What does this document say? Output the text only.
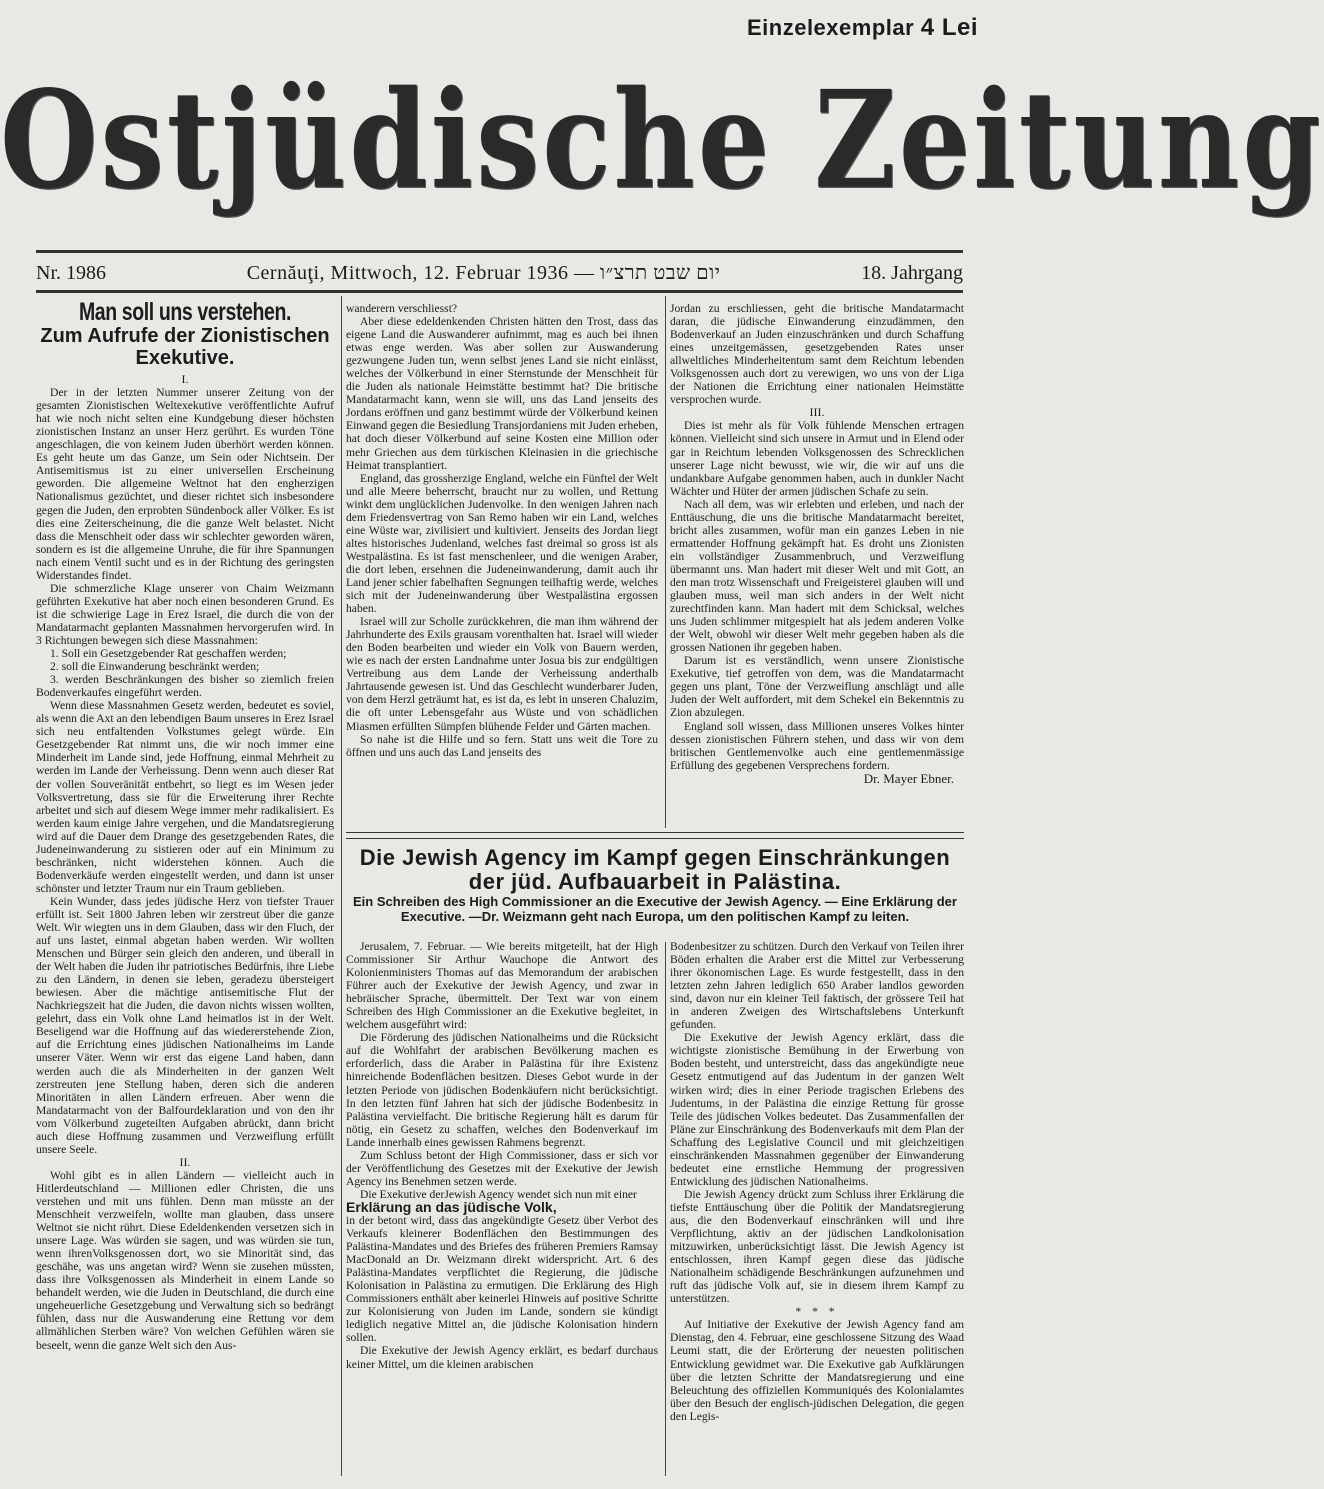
Einzelexemplar 4 Lei
Ostjüdische Zeitung
Nr. 1986	Cernăuţi, Mittwoch, 12. Februar 1936 — יום שבט תרצ״ו	18. Jahrgang
Man soll uns verstehen.
Zum Aufrufe der Zionistischen Exekutive.

I.

Der in der letzten Nummer unserer Zeitung von der gesamten Zionistischen Weltexekutive veröffentlichte Aufruf hat wie noch nicht selten eine Kundgebung dieser höchsten zionistischen Instanz an unser Herz gerührt. Es wurden Töne angeschlagen, die von keinem Juden überhört werden können. Es geht heute um das Ganze, um Sein oder Nichtsein. Der Antisemitismus ist zu einer universellen Erscheinung geworden. Die allgemeine Weltnot hat den engherzigen Nationalismus gezüchtet, und dieser richtet sich insbesondere gegen die Juden, den erprobten Sündenbock aller Völker. Es ist dies eine Zeiterscheinung, die die ganze Welt belastet. Nicht dass die Menschheit oder dass wir schlechter geworden wären, sondern es ist die allgemeine Unruhe, die für ihre Spannungen nach einem Ventil sucht und es in der Richtung des geringsten Widerstandes findet.

Die schmerzliche Klage unserer von Chaim Weizmann geführten Exekutive hat aber noch einen besonderen Grund. Es ist die schwierige Lage in Erez Israel, die durch die von der Mandatarmacht geplanten Massnahmen hervorgerufen wird. In 3 Richtungen bewegen sich diese Massnahmen:

1. Soll ein Gesetzgebender Rat geschaffen werden;

2. soll die Einwanderung beschränkt werden;

3. werden Beschränkungen des bisher so ziemlich freien Bodenverkaufes eingeführt werden.

Wenn diese Massnahmen Gesetz werden, bedeutet es soviel, als wenn die Axt an den lebendigen Baum unseres in Erez Israel sich neu entfaltenden Volkstumes gelegt würde. Ein Gesetzgebender Rat nimmt uns, die wir noch immer eine Minderheit im Lande sind, jede Hoffnung, einmal Mehrheit zu werden im Lande der Verheissung. Denn wenn auch dieser Rat der vollen Souveränität entbehrt, so liegt es im Wesen jeder Volksvertretung, dass sie für die Erweiterung ihrer Rechte arbeitet und sich auf diesem Wege immer mehr radikalisiert. Es werden kaum einige Jahre vergehen, und die Mandatsregierung wird auf die Dauer dem Drange des gesetzgebenden Rates, die Judeneinwanderung zu sistieren oder auf ein Minimum zu beschränken, nicht widerstehen können. Auch die Bodenverkäufe werden eingestellt werden, und dann ist unser schönster und letzter Traum nur ein Traum geblieben.

Kein Wunder, dass jedes jüdische Herz von tiefster Trauer erfüllt ist. Seit 1800 Jahren leben wir zerstreut über die ganze Welt. Wir wiegten uns in dem Glauben, dass wir den Fluch, der auf uns lastet, einmal abgetan haben werden. Wir wollten Menschen und Bürger sein gleich den anderen, und überall in der Welt haben die Juden ihr patriotisches Bedürfnis, ihre Liebe zu den Ländern, in denen sie leben, geradezu übersteigert bewiesen. Aber die mächtige antisemitische Flut der Nachkriegszeit hat die Juden, die davon nichts wissen wollten, gelehrt, dass ein Volk ohne Land heimatlos ist in der Welt. Beseligend war die Hoffnung auf das wiedererstehende Zion, auf die Errichtung eines jüdischen Nationalheims im Lande unserer Väter. Wenn wir erst das eigene Land haben, dann werden auch die als Minderheiten in der ganzen Welt zerstreuten jene Stellung haben, deren sich die anderen Minoritäten in allen Ländern erfreuen. Aber wenn die Mandatarmacht von der Balfourdeklaration und von den ihr vom Völkerbund zugeteilten Aufgaben abrückt, dann bricht auch diese Hoffnung zusammen und Verzweiflung erfüllt unsere Seele.

II.

Wohl gibt es in allen Ländern — vielleicht auch in Hitlerdeutschland — Millionen edler Christen, die uns verstehen und mit uns fühlen. Denn man müsste an der Menschheit verzweifeln, wollte man glauben, dass unsere Weltnot sie nicht rührt. Diese Edeldenkenden versetzen sich in unsere Lage. Was würden sie sagen, und was würden sie tun, wenn ihrenVolksgenossen dort, wo sie Minorität sind, das geschähe, was uns angetan wird? Wenn sie zusehen müssten, dass ihre Volksgenossen als Minderheit in einem Lande so behandelt werden, wie die Juden in Deutschland, die durch eine ungeheuerliche Gesetzgebung und Verwaltung sich so bedrängt fühlen, dass nur die Auswanderung eine Rettung vor dem allmählichen Sterben wäre? Von welchen Gefühlen wären sie beseelt, wenn die ganze Welt sich den Aus-

wanderern verschliesst?

Aber diese edeldenkenden Christen hätten den Trost, dass das eigene Land die Auswanderer aufnimmt, mag es auch bei ihnen etwas enge werden. Was aber sollen zur Auswanderung gezwungene Juden tun, wenn selbst jenes Land sie nicht einlässt, welches der Völkerbund in einer Sternstunde der Menschheit für die Juden als nationale Heimstätte bestimmt hat? Die britische Mandatarmacht kann, wenn sie will, uns das Land jenseits des Jordans eröffnen und ganz bestimmt würde der Völkerbund keinen Einwand gegen die Besiedlung Transjordaniens mit Juden erheben, hat doch dieser Völkerbund auf seine Kosten eine Million oder mehr Griechen aus dem türkischen Kleinasien in die griechische Heimat transplantiert.

England, das grossherzige England, welche ein Fünftel der Welt und alle Meere beherrscht, braucht nur zu wollen, und Rettung winkt dem unglücklichen Judenvolke. In den wenigen Jahren nach dem Friedensvertrag von San Remo haben wir ein Land, welches eine Wüste war, zivilisiert und kultiviert. Jenseits des Jordan liegt altes historisches Judenland, welches fast dreimal so gross ist als Westpalästina. Es ist fast menschenleer, und die wenigen Araber, die dort leben, ersehnen die Judeneinwanderung, damit auch ihr Land jener schier fabelhaften Segnungen teilhaftig werde, welches sich mit der Judeneinwanderung über Westpalästina ergossen haben.

Israel will zur Scholle zurückkehren, die man ihm während der Jahrhunderte des Exils grausam vorenthalten hat. Israel will wieder den Boden bearbeiten und wieder ein Volk von Bauern werden, wie es nach der ersten Landnahme unter Josua bis zur endgültigen Vertreibung aus dem Lande der Verheissung anderthalb Jahrtausende gewesen ist. Und das Geschlecht wunderbarer Juden, von dem Herzl geträumt hat, es ist da, es lebt in unseren Chaluzim, die oft unter Lebensgefahr aus Wüste und von schädlichen Miasmen erfüllten Sümpfen blühende Felder und Gärten machen.

So nahe ist die Hilfe und so fern. Statt uns weit die Tore zu öffnen und uns auch das Land jenseits des

Jordan zu erschliessen, geht die britische Mandatarmacht daran, die jüdische Einwanderung einzudämmen, den Bodenverkauf an Juden einzuschränken und durch Schaffung eines unzeitgemässen, gesetzgebenden Rates unser allweltliches Minderheitentum samt dem Reichtum lebenden Volksgenossen auch dort zu verewigen, wo uns von der Liga der Nationen die Errichtung einer nationalen Heimstätte versprochen wurde.

III.

Dies ist mehr als für Volk fühlende Menschen ertragen können. Vielleicht sind sich unsere in Armut und in Elend oder gar in Reichtum lebenden Volksgenossen des Schrecklichen unserer Lage nicht bewusst, wie wir, die wir auf uns die undankbare Aufgabe genommen haben, auch in dunkler Nacht Wächter und Hüter der armen jüdischen Schafe zu sein.

Nach all dem, was wir erlebten und erleben, und nach der Enttäuschung, die uns die britische Mandatarmacht bereitet, bricht alles zusammen, wofür man ein ganzes Leben in nie ermattender Hoffnung gekämpft hat. Es droht uns Zionisten ein vollständiger Zusammenbruch, und Verzweiflung übermannt uns. Man hadert mit dieser Welt und mit Gott, an den man trotz Wissenschaft und Freigeisterei glauben will und glauben muss, weil man sich anders in der Welt nicht zurechtfinden kann. Man hadert mit dem Schicksal, welches uns Juden schlimmer mitgespielt hat als jedem anderen Volke der Welt, obwohl wir dieser Welt mehr gegeben haben als die grossen Nationen ihr gegeben haben.

Darum ist es verständlich, wenn unsere Zionistische Exekutive, tief getroffen von dem, was die Mandatarmacht gegen uns plant, Töne der Verzweiflung anschlägt und alle Juden der Welt auffordert, mit dem Schekel ein Bekenntnis zu Zion abzulegen.

England soll wissen, dass Millionen unseres Volkes hinter dessen zionistischen Führern stehen, und dass wir von dem britischen Gentlemenvolke auch eine gentlemenmässige Erfüllung des gegebenen Versprechens fordern.

Dr. Mayer Ebner.

Die Jewish Agency im Kampf gegen Einschränkungen der jüd. Aufbauarbeit in Palästina.
Ein Schreiben des High Commissioner an die Executive der Jewish Agency. — Eine Erklärung der Executive. —Dr. Weizmann geht nach Europa, um den politischen Kampf zu leiten.

Jerusalem, 7. Februar. — Wie bereits mitgeteilt, hat der High Commissioner Sir Arthur Wauchope die Antwort des Kolonienministers Thomas auf das Memorandum der arabischen Führer auch der Exekutive der Jewish Agency, und zwar in hebräischer Sprache, übermittelt. Der Text war von einem Schreiben des High Commissioner an die Exekutive begleitet, in welchem ausgeführt wird:

Die Förderung des jüdischen Nationalheims und die Rücksicht auf die Wohlfahrt der arabischen Bevölkerung machen es erforderlich, dass die Araber in Palästina für ihre Existenz hinreichende Bodenflächen besitzen. Dieses Gebot wurde in der letzten Periode von jüdischen Bodenkäufern nicht berücksichtigt. In den letzten fünf Jahren hat sich der jüdische Bodenbesitz in Palästina vervielfacht. Die britische Regierung hält es darum für nötig, ein Gesetz zu schaffen, welches den Bodenverkauf im Lande innerhalb eines gewissen Rahmens begrenzt.

Zum Schluss betont der High Commissioner, dass er sich vor der Veröffentlichung des Gesetzes mit der Exekutive der Jewish Agency ins Benehmen setzen werde.

Die Exekutive derJewish Agency wendet sich nun mit einer

Erklärung an das jüdische Volk,

in der betont wird, dass das angekündigte Gesetz über Verbot des Verkaufs kleinerer Bodenflächen den Bestimmungen des Palästina-Mandates und des Briefes des früheren Premiers Ramsay MacDonald an Dr. Weizmann direkt widerspricht. Art. 6 des Palästina-Mandates verpflichtet die Regierung, die jüdische Kolonisation in Palästina zu ermutigen. Die Erklärung des High Commissioners enthält aber keinerlei Hinweis auf positive Schritte zur Kolonisierung von Juden im Lande, sondern sie kündigt lediglich negative Mittel an, die jüdische Kolonisation hindern sollen.

Die Exekutive der Jewish Agency erklärt, es bedarf durchaus keiner Mittel, um die kleinen arabischen

Bodenbesitzer zu schützen. Durch den Verkauf von Teilen ihrer Böden erhalten die Araber erst die Mittel zur Verbesserung ihrer ökonomischen Lage. Es wurde festgestellt, dass in den letzten zehn Jahren lediglich 650 Araber landlos geworden sind, davon nur ein kleiner Teil faktisch, der grössere Teil hat in anderen Zweigen des Wirtschaftslebens Unterkunft gefunden.

Die Exekutive der Jewish Agency erklärt, dass die wichtigste zionistische Bemühung in der Erwerbung von Boden besteht, und unterstreicht, dass das angekündigte neue Gesetz entmutigend auf das Judentum in der ganzen Welt wirken wird; dies in einer Periode tragischen Erlebens des Judentums, in der Palästina die einzige Rettung für grosse Teile des jüdischen Volkes bedeutet. Das Zusammenfallen der Pläne zur Einschränkung des Bodenverkaufs mit dem Plan der Schaffung des Legislative Council und mit gleichzeitigen einschränkenden Massnahmen gegenüber der Einwanderung bedeutet eine ernstliche Hemmung der progressiven Entwicklung des jüdischen Nationalheims.

Die Jewish Agency drückt zum Schluss ihrer Erklärung die tiefste Enttäuschung über die Politik der Mandatsregierung aus, die den Bodenverkauf einschränken will und ihre Verpflichtung, aktiv an der jüdischen Landkolonisation mitzuwirken, unberücksichtigt lässt. Die Jewish Agency ist entschlossen, ihren Kampf gegen diese das jüdische Nationalheim schädigende Beschränkungen aufzunehmen und ruft das jüdische Volk auf, sie in diesem ihrem Kampf zu unterstützen.

* * *

Auf Initiative der Exekutive der Jewish Agency fand am Dienstag, den 4. Februar, eine geschlossene Sitzung des Waad Leumi statt, die der Erörterung der neuesten politischen Entwicklung gewidmet war. Die Exekutive gab Aufklärungen über die letzten Schritte der Mandatsregierung und eine Beleuchtung des offiziellen Kommuniqués des Kolonialamtes über den Besuch der englisch-jüdischen Delegation, die gegen den Legis-
